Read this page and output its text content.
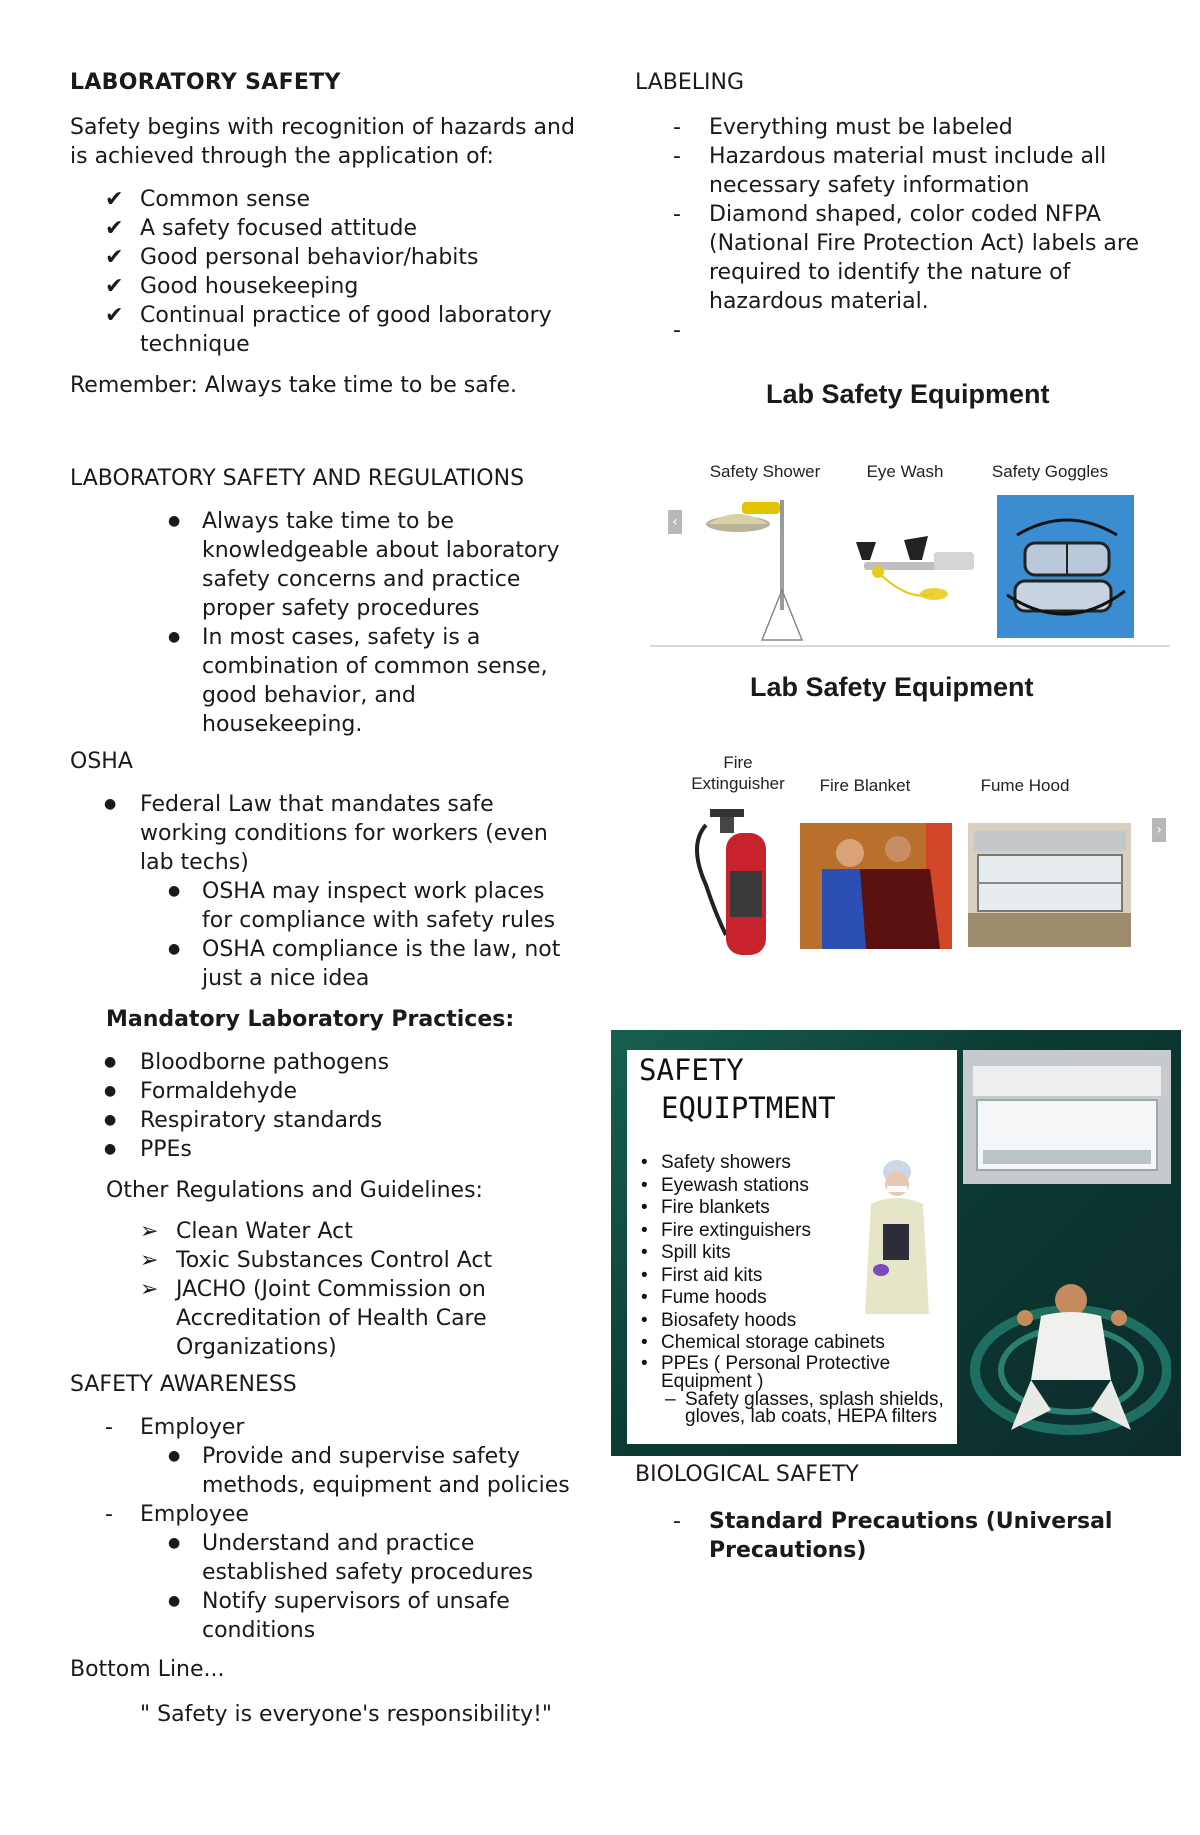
LABORATORY SAFETY

Safety begins with recognition of hazards and is achieved through the application of:

✔ Common sense
✔ A safety focused attitude
✔ Good personal behavior/habits
✔ Good housekeeping
✔ Continual practice of good laboratory technique

Remember: Always take time to be safe.

LABORATORY SAFETY AND REGULATIONS

● Always take time to be knowledgeable about laboratory safety concerns and practice proper safety procedures
● In most cases, safety is a combination of common sense, good behavior, and housekeeping.

OSHA

● Federal Law that mandates safe working conditions for workers (even lab techs)
● OSHA may inspect work places for compliance with safety rules
● OSHA compliance is the law, not just a nice idea

Mandatory Laboratory Practices:

● Bloodborne pathogens
● Formaldehyde
● Respiratory standards
● PPEs

Other Regulations and Guidelines:

➢ Clean Water Act
➢ Toxic Substances Control Act
➢ JACHO (Joint Commission on Accreditation of Health Care Organizations)

SAFETY AWARENESS

- Employer
● Provide and supervise safety methods, equipment and policies
- Employee
● Understand and practice established safety procedures
● Notify supervisors of unsafe conditions

Bottom Line...

" Safety is everyone's responsibility!"

LABELING

- Everything must be labeled
- Hazardous material must include all necessary safety information
- Diamond shaped, color coded NFPA (National Fire Protection Act) labels are required to identify the nature of hazardous material.
-
Lab Safety Equipment
Safety Shower	Eye Wash	Safety Goggles
‹
Lab Safety Equipment
Fire Extinguisher	Fire Blanket	Fume Hood
›
SAFETY
EQUIPTMENT
• Safety showers
• Eyewash stations
• Fire blankets
• Fire extinguishers
• Spill kits
• First aid kits
• Fume hoods
• Biosafety hoods
• Chemical storage cabinets
• PPEs ( Personal Protective Equipment )
– Safety glasses, splash shields, gloves, lab coats, HEPA filters

BIOLOGICAL SAFETY

- Standard Precautions (Universal Precautions)
